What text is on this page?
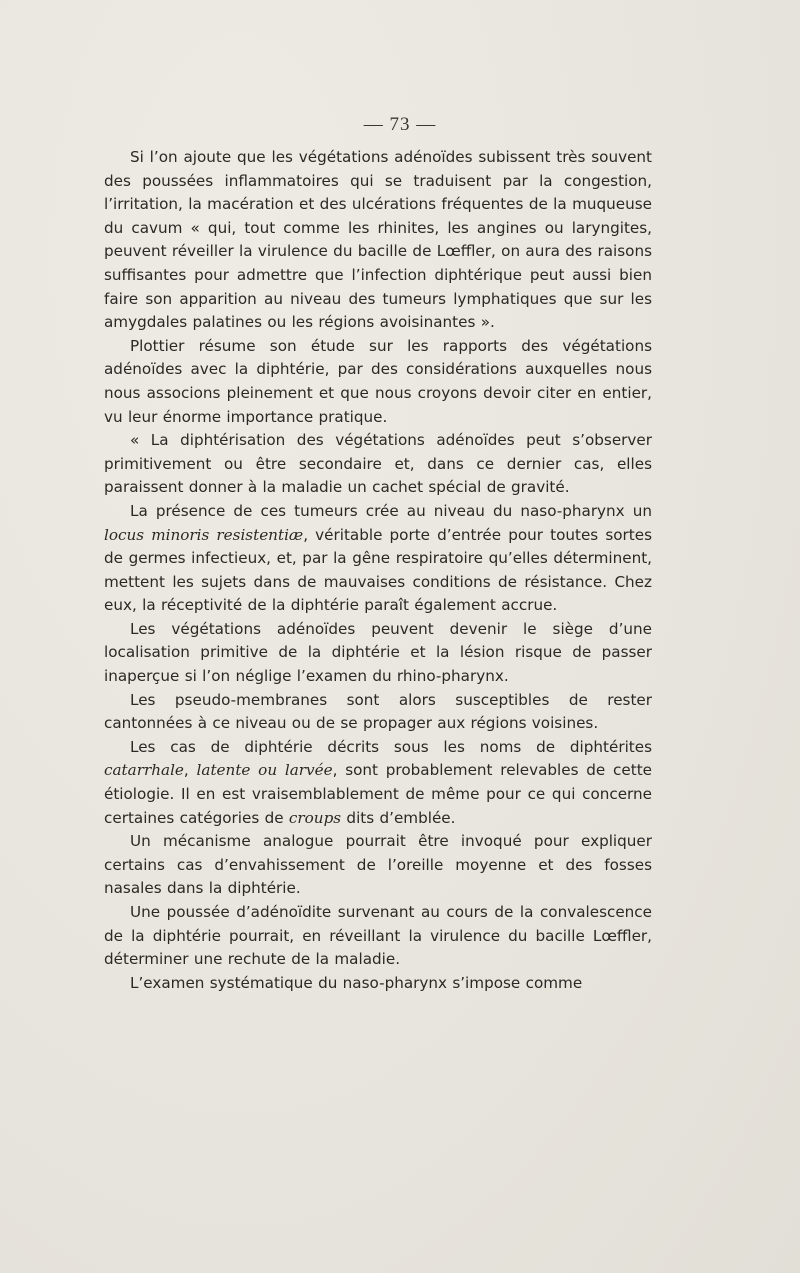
— 73 —

Si l’on ajoute que les végétations adénoïdes subissent très souvent des poussées inflammatoires qui se traduisent par la congestion, l’irritation, la macération et des ulcérations fréquentes de la muqueuse du cavum « qui, tout comme les rhinites, les angines ou laryngites, peuvent réveiller la virulence du bacille de Lœffler, on aura des raisons suffisantes pour admettre que l’infection diphtérique peut aussi bien faire son apparition au niveau des tumeurs lymphatiques que sur les amygdales palatines ou les régions avoisinantes ».

Plottier résume son étude sur les rapports des végétations adénoïdes avec la diphtérie, par des considérations auxquelles nous nous associons pleinement et que nous croyons devoir citer en entier, vu leur énorme importance pratique.

« La diphtérisation des végétations adénoïdes peut s’observer primitivement ou être secondaire et, dans ce dernier cas, elles paraissent donner à la maladie un cachet spécial de gravité.

La présence de ces tumeurs crée au niveau du naso-pharynx un locus minoris resistentiæ, véritable porte d’entrée pour toutes sortes de germes infectieux, et, par la gêne respiratoire qu’elles déterminent, mettent les sujets dans de mauvaises conditions de résistance. Chez eux, la réceptivité de la diphtérie paraît également accrue.

Les végétations adénoïdes peuvent devenir le siège d’une localisation primitive de la diphtérie et la lésion risque de passer inaperçue si l’on néglige l’examen du rhino-pharynx.

Les pseudo-membranes sont alors susceptibles de rester cantonnées à ce niveau ou de se propager aux régions voisines.

Les cas de diphtérie décrits sous les noms de diphtérites catarrhale, latente ou larvée, sont probablement relevables de cette étiologie. Il en est vraisemblablement de même pour ce qui concerne certaines catégories de croups dits d’emblée.

Un mécanisme analogue pourrait être invoqué pour expliquer certains cas d’envahissement de l’oreille moyenne et des fosses nasales dans la diphtérie.

Une poussée d’adénoïdite survenant au cours de la convalescence de la diphtérie pourrait, en réveillant la virulence du bacille Lœffler, déterminer une rechute de la maladie.

L’examen systématique du naso-pharynx s’impose comme
